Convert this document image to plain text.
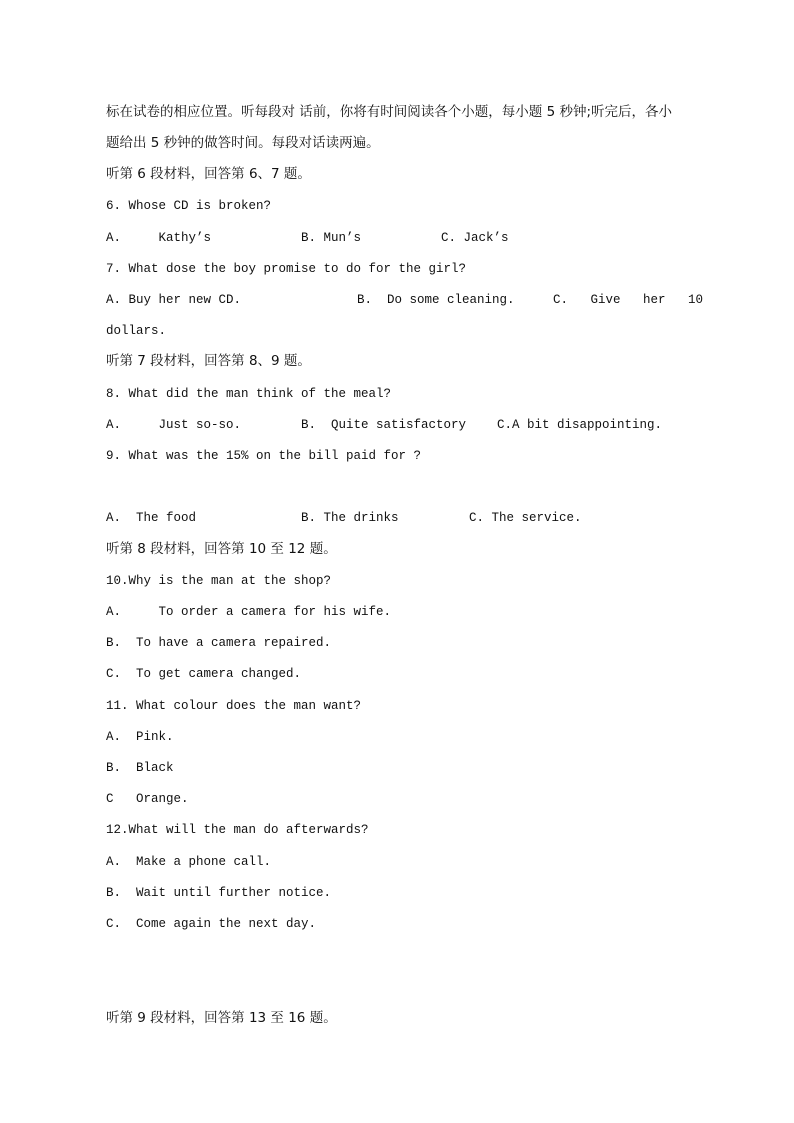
标在试卷的相应位置。听每段对 话前，你将有时间阅读各个小题，每小题 5 秒钟;听完后，各小
题给出 5 秒钟的做答时间。每段对话读两遍。
听第 6 段材料，回答第 6、7 题。
6. Whose CD is broken?
A.     Kathy’s	B. Mun’s	C. Jack’s
7. What dose the boy promise to do for the girl?
A. Buy her new CD.	B.  Do some cleaning.	C.   Give   her   10
dollars.
听第 7 段材料，回答第 8、9 题。
8. What did the man think of the meal?
A.     Just so-so.	B.  Quite satisfactory C.A bit disappointing.
9. What was the 15% on the bill paid for ?
A.  The food	B. The drinks	C. The service.
听第 8 段材料，回答第 10 至 12 题。
10.Why is the man at the shop?
A.     To order a camera for his wife.
B.  To have a camera repaired.
C.  To get camera changed.
11. What colour does the man want?
A.  Pink.
B.  Black
C   Orange.
12.What will the man do afterwards?
A.  Make a phone call.
B.  Wait until further notice.
C.  Come again the next day.
听第 9 段材料，回答第 13 至 16 题。
